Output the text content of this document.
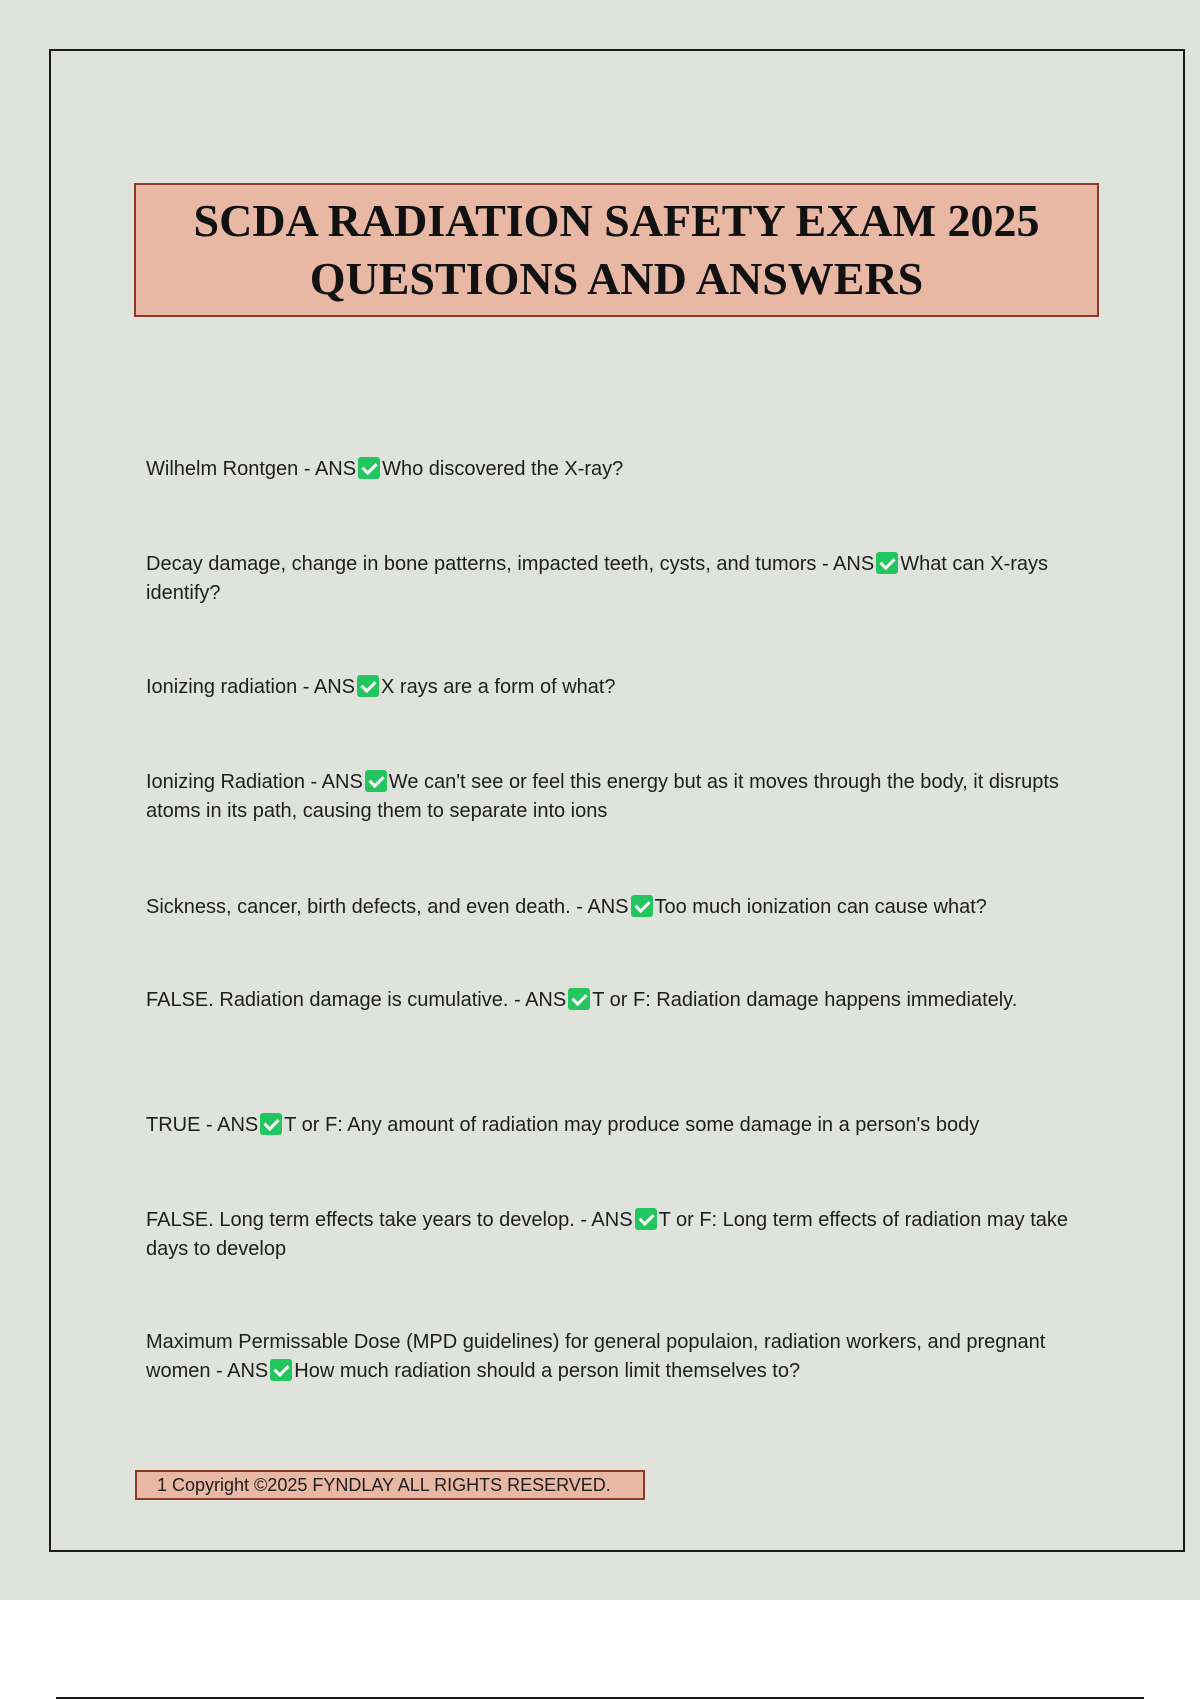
SCDA RADIATION SAFETY EXAM 2025
QUESTIONS AND ANSWERS
Wilhelm Rontgen - ANS Who discovered the X-ray?
Decay damage, change in bone patterns, impacted teeth, cysts, and tumors - ANS What can X-rays identify?
Ionizing radiation - ANS X rays are a form of what?
Ionizing Radiation - ANS We can't see or feel this energy but as it moves through the body, it disrupts atoms in its path, causing them to separate into ions
Sickness, cancer, birth defects, and even death. - ANS Too much ionization can cause what?
FALSE. Radiation damage is cumulative. - ANS T or F: Radiation damage happens immediately.
TRUE - ANS T or F: Any amount of radiation may produce some damage in a person's body
FALSE. Long term effects take years to develop. - ANS T or F: Long term effects of radiation may take days to develop
Maximum Permissable Dose (MPD guidelines) for general populaion, radiation workers, and pregnant women - ANS How much radiation should a person limit themselves to?
1 Copyright ©2025 FYNDLAY ALL RIGHTS RESERVED.
